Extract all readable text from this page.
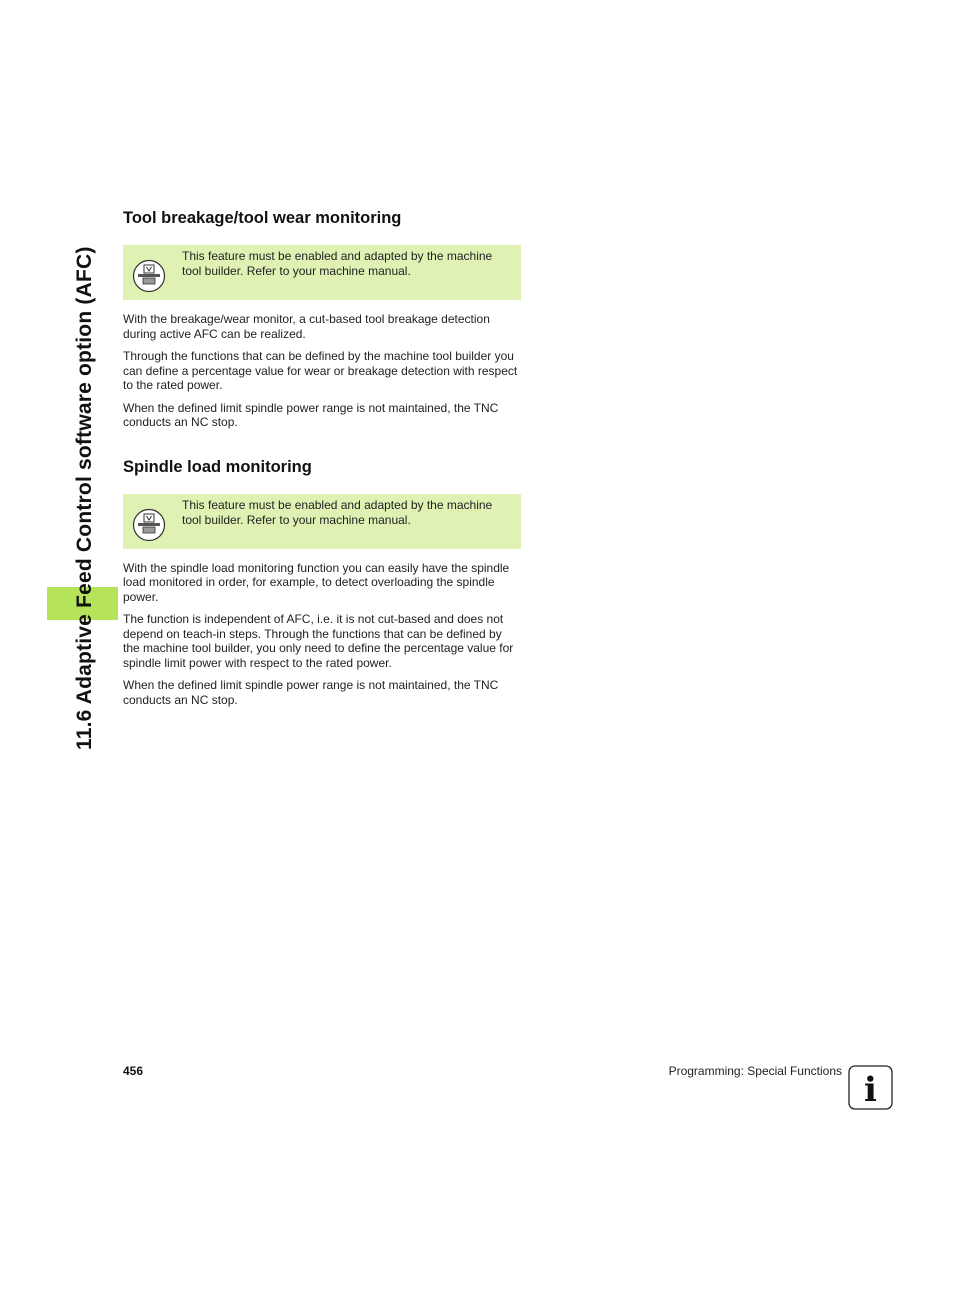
11.6 Adaptive Feed Control software option (AFC)
Tool breakage/tool wear monitoring
This feature must be enabled and adapted by the machine tool builder. Refer to your machine manual.

With the breakage/wear monitor, a cut-based tool breakage detection during active AFC can be realized.

Through the functions that can be defined by the machine tool builder you can define a percentage value for wear or breakage detection with respect to the rated power.

When the defined limit spindle power range is not maintained, the TNC conducts an NC stop.

Spindle load monitoring
This feature must be enabled and adapted by the machine tool builder. Refer to your machine manual.

With the spindle load monitoring function you can easily have the spindle load monitored in order, for example, to detect overloading the spindle power.

The function is independent of AFC, i.e. it is not cut-based and does not depend on teach-in steps. Through the functions that can be defined by the machine tool builder, you only need to define the percentage value for spindle limit power with respect to the rated power.

When the defined limit spindle power range is not maintained, the TNC conducts an NC stop.

456	Programming: Special Functions i
